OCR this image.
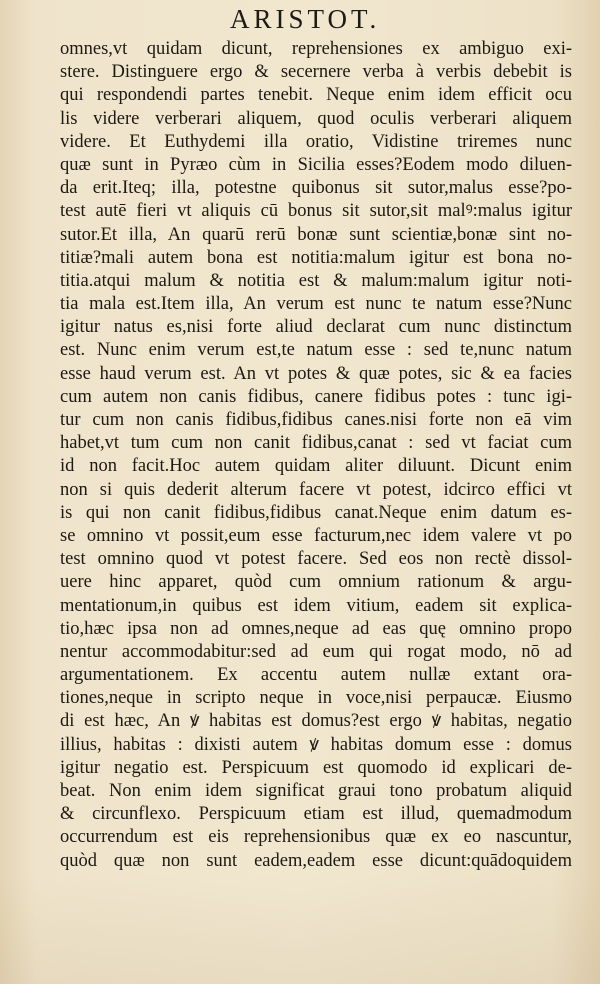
ARISTOT.
omnes,vt quidam dicunt, reprehensiones ex ambiguo exi-
stere. Distinguere ergo & secernere verba à verbis debebit is
qui respondendi partes tenebit. Neque enim idem efficit ocu
lis videre verberari aliquem, quod oculis verberari aliquem
videre. Et Euthydemi illa oratio, Vidistine triremes nunc
quæ sunt in Pyræo cùm in Sicilia esses?Eodem modo diluen-
da erit.Iteq; illa, potestne quibonus sit sutor,malus esse?po-
test autē fieri vt aliquis cū bonus sit sutor,sit malꝰ:malus igitur
sutor.Et illa, An quarū rerū bonæ sunt scientiæ,bonæ sint no-
titiæ?mali autem bona est notitia:malum igitur est bona no-
titia.atqui malum & notitia est & malum:malum igitur noti-
tia mala est.Item illa, An verum est nunc te natum esse?Nunc
igitur natus es,nisi forte aliud declarat cum nunc distinctum
est. Nunc enim verum est,te natum esse : sed te,nunc natum
esse haud verum est. An vt potes & quæ potes, sic & ea facies
cum autem non canis fidibus, canere fidibus potes : tunc igi-
tur cum non canis fidibus,fidibus canes.nisi forte non eā vim
habet,vt tum cum non canit fidibus,canat : sed vt faciat cum
id non facit.Hoc autem quidam aliter diluunt. Dicunt enim
non si quis dederit alterum facere vt potest, idcirco effici vt
is qui non canit fidibus,fidibus canat.Neque enim datum es-
se omnino vt possit,eum esse facturum,nec idem valere vt po
test omnino quod vt potest facere. Sed eos non rectè dissol-
uere hinc apparet, quòd cum omnium rationum & argu-
mentationum,in quibus est idem vitium, eadem sit explica-
tio,hæc ipsa non ad omnes,neque ad eas quę omnino propo
nentur accommodabitur:sed ad eum qui rogat modo, nō ad
argumentationem. Ex accentu autem nullæ extant ora-
tiones,neque in scripto neque in voce,nisi perpaucæ. Eiusmo
di est hæc, An ꝟ habitas est domus?est ergo ꝟ habitas, negatio
illius, habitas : dixisti autem ꝟ habitas domum esse : domus
igitur negatio est. Perspicuum est quomodo id explicari de-
beat. Non enim idem significat graui tono probatum aliquid
& circunflexo. Perspicuum etiam est illud, quemadmodum
occurrendum est eis reprehensionibus quæ ex eo nascuntur,
quòd quæ non sunt eadem,eadem esse dicunt:quādoquidem
